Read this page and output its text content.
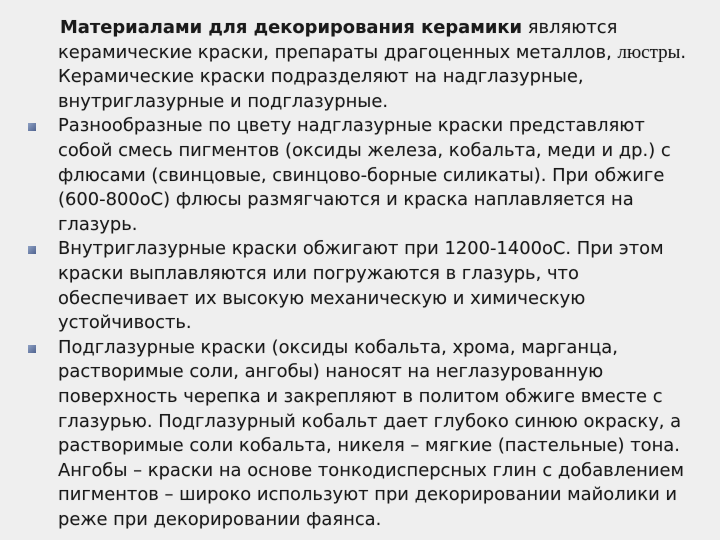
Материалами для декорирования керамики являются керамические краски, препараты драгоценных металлов, люстры. Керамические краски подразделяют на надглазурные, внутриглазурные и подглазурные.

Разнообразные по цвету надглазурные краски представляют собой смесь пигментов (оксиды железа, кобальта, меди и др.) с флюсами (свинцовые, свинцово-борные силикаты). При обжиге (600-800оС) флюсы размягчаются и краска наплавляется на глазурь.

Внутриглазурные краски обжигают при 1200-1400оС. При этом краски выплавляются или погружаются в глазурь, что обеспечивает их высокую механическую и химическую устойчивость.

Подглазурные краски (оксиды кобальта, хрома, марганца, растворимые соли, ангобы) наносят на неглазурованную поверхность черепка и закрепляют в политом обжиге вместе с глазурью. Подглазурный кобальт дает глубоко синюю окраску, а растворимые соли кобальта, никеля – мягкие (пастельные) тона. Ангобы – краски на основе тонкодисперсных глин с добавлением пигментов – широко используют при декорировании майолики и реже при декорировании фаянса.
